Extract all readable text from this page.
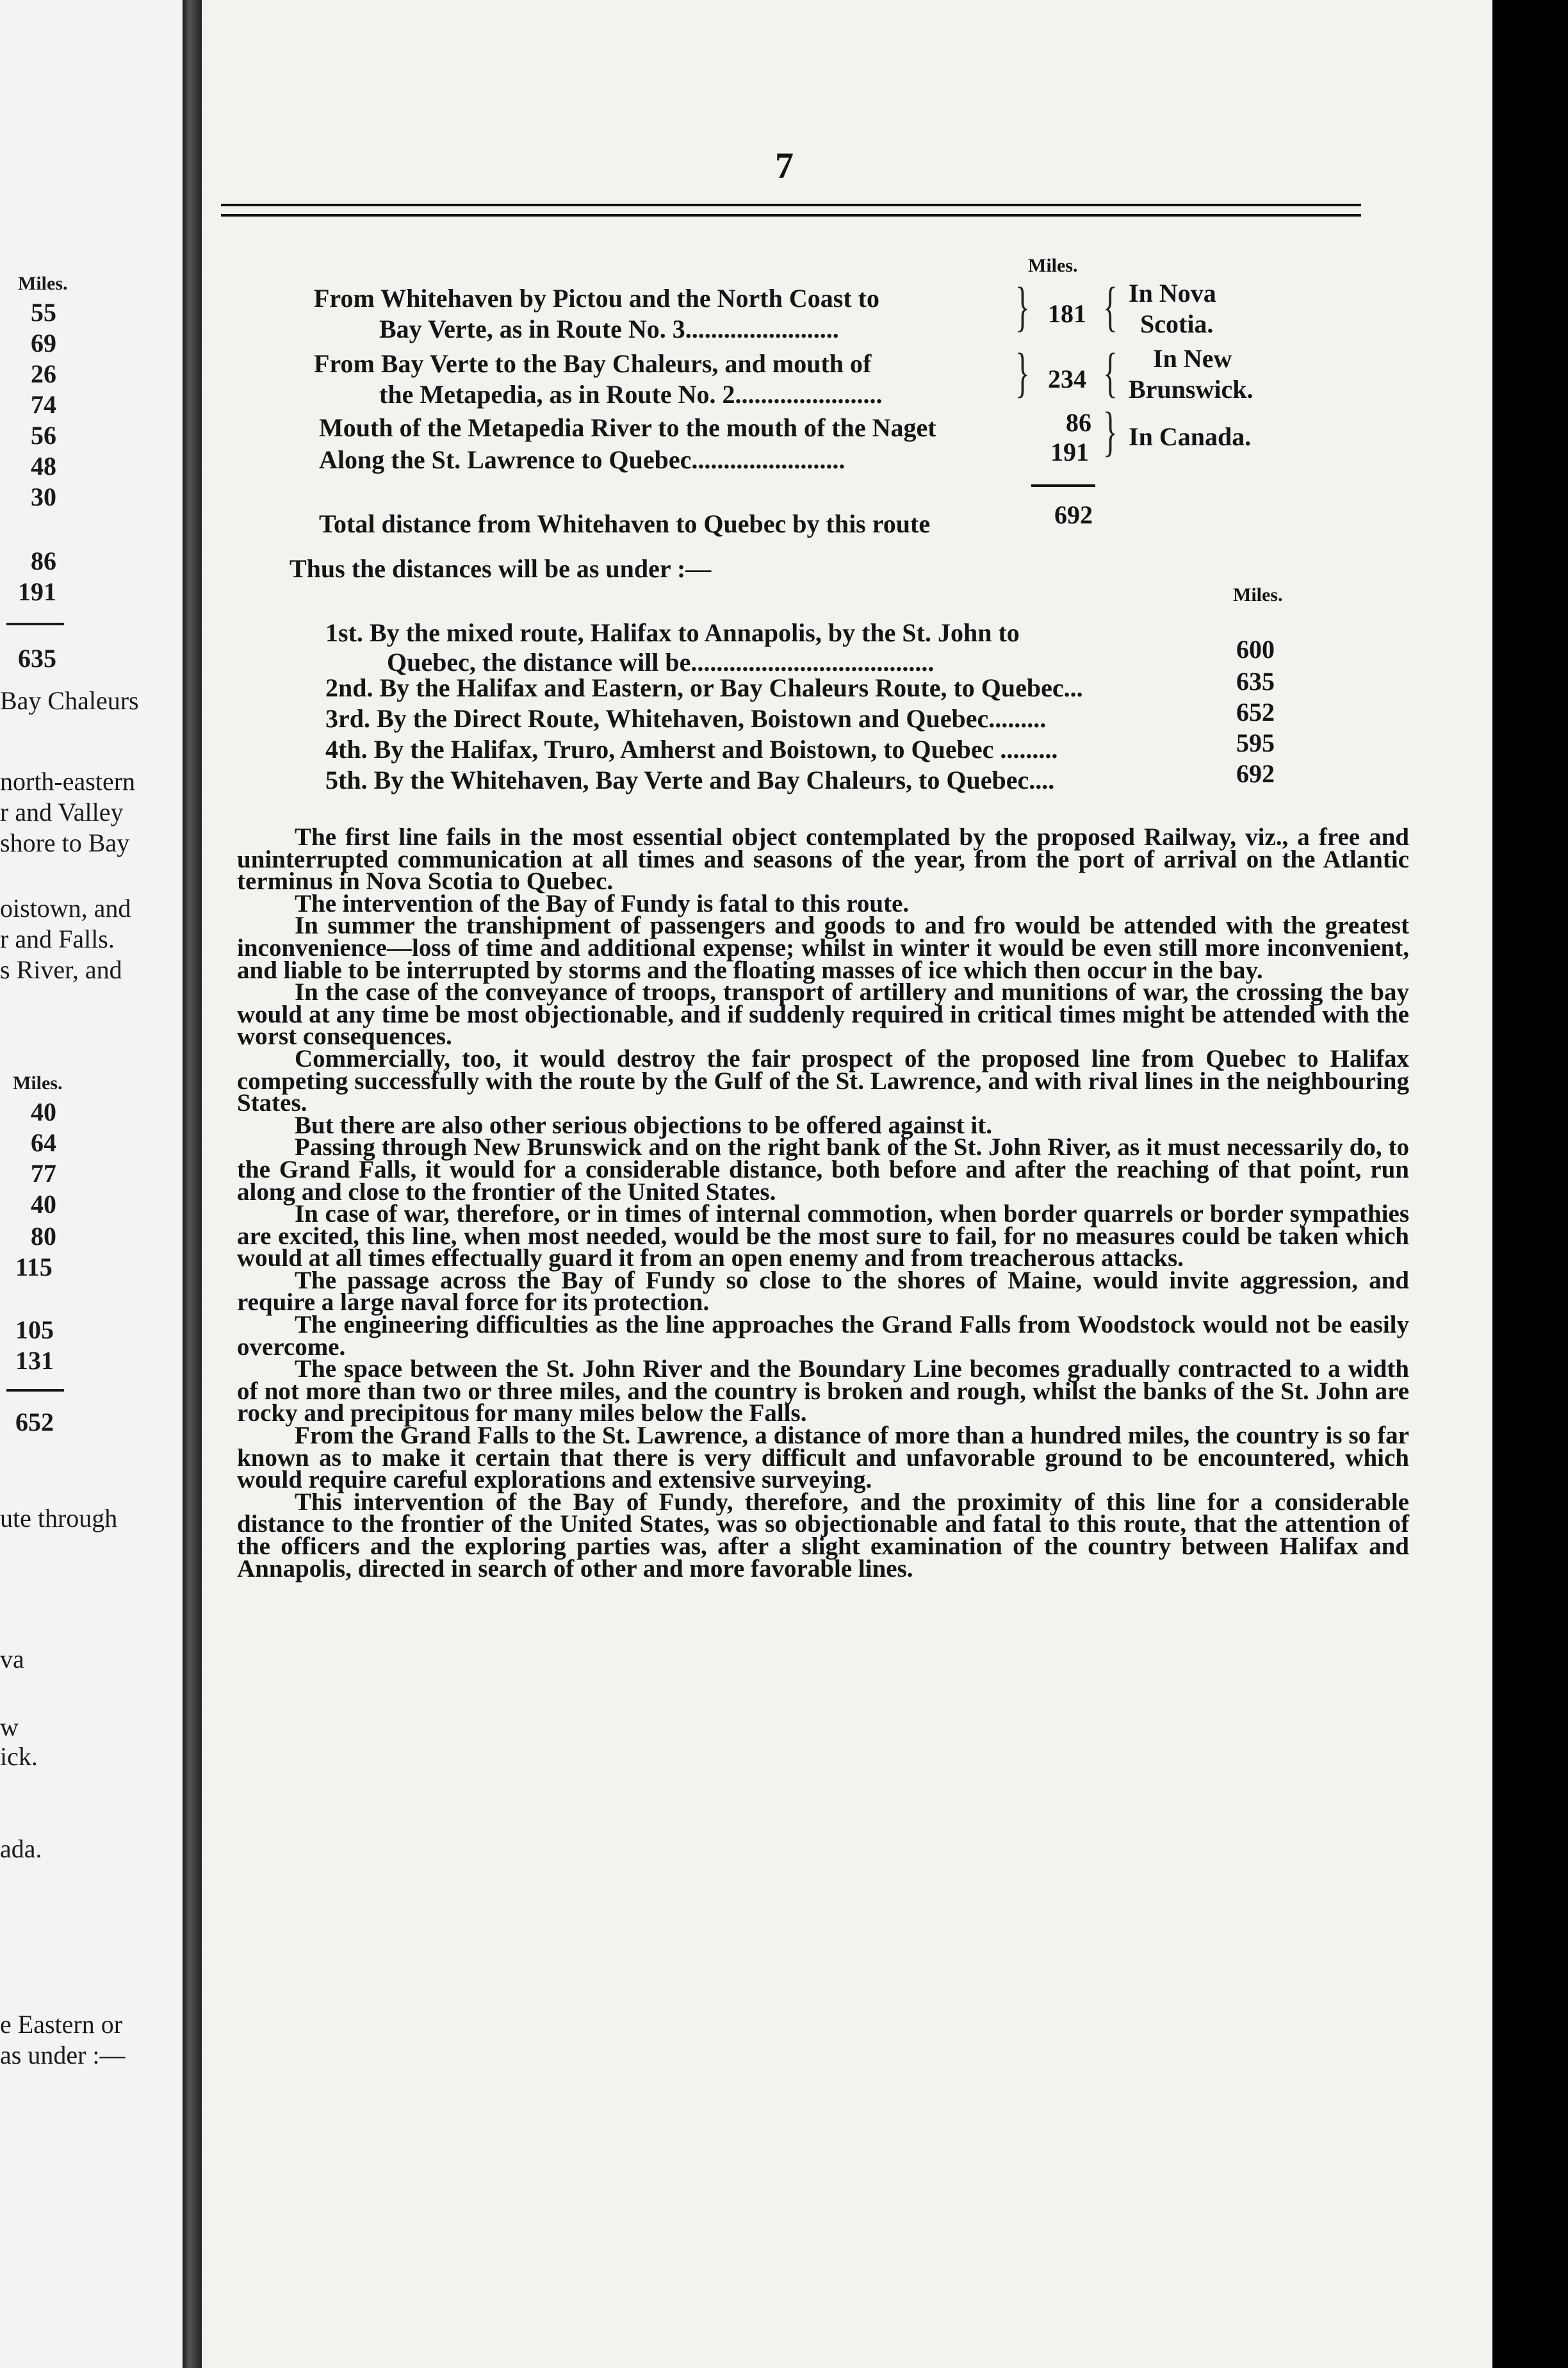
Miles.
55
69
26
74
56
48
30
86
191
635
Bay Chaleurs
north-eastern
r and Valley
shore to Bay
oistown, and
r and Falls.
s River, and
Miles.
40
64
77
40
80
115
105
131
652
ute through
va
w
ick.
ada.
e Eastern or
as under :—
7
Miles.
From Whitehaven by Pictou and the North Coast to
Bay Verte, as in Route No. 3........................	} 181 { In Nova
Scotia.
From Bay Verte to the Bay Chaleurs, and mouth of
the Metapedia, as in Route No. 2....................... } 234 { In New
Brunswick.
Mouth of the Metapedia River to the mouth of the Naget	86 } In Canada.
Along the St. Lawrence to Quebec........................	191
Total distance from Whitehaven to Quebec by this route	692
Thus the distances will be as under :—
Miles.
1st. By the mixed route, Halifax to Annapolis, by the St. John to
Quebec, the distance will be......................................	600
2nd. By the Halifax and Eastern, or Bay Chaleurs Route, to Quebec...	635
3rd. By the Direct Route, Whitehaven, Boistown and Quebec.........	652
4th. By the Halifax, Truro, Amherst and Boistown, to Quebec .........	595
5th. By the Whitehaven, Bay Verte and Bay Chaleurs, to Quebec....	692

The first line fails in the most essential object contemplated by the proposed Railway, viz., a free and uninterrupted communication at all times and seasons of the year, from the port of arrival on the Atlantic terminus in Nova Scotia to Quebec.

The intervention of the Bay of Fundy is fatal to this route.

In summer the transhipment of passengers and goods to and fro would be attended with the greatest inconvenience—loss of time and additional expense; whilst in winter it would be even still more inconvenient, and liable to be interrupted by storms and the floating masses of ice which then occur in the bay.

In the case of the conveyance of troops, transport of artillery and munitions of war, the crossing the bay would at any time be most objectionable, and if suddenly required in critical times might be attended with the worst consequences.

Commercially, too, it would destroy the fair prospect of the proposed line from Quebec to Halifax competing successfully with the route by the Gulf of the St. Lawrence, and with rival lines in the neighbouring States.

But there are also other serious objections to be offered against it.

Passing through New Brunswick and on the right bank of the St. John River, as it must necessarily do, to the Grand Falls, it would for a considerable distance, both before and after the reaching of that point, run along and close to the frontier of the United States.

In case of war, therefore, or in times of internal commotion, when border quarrels or border sympathies are excited, this line, when most needed, would be the most sure to fail, for no measures could be taken which would at all times effectually guard it from an open enemy and from treacherous attacks.

The passage across the Bay of Fundy so close to the shores of Maine, would invite aggression, and require a large naval force for its protection.

The engineering difficulties as the line approaches the Grand Falls from Woodstock would not be easily overcome.

The space between the St. John River and the Boundary Line becomes gradually contracted to a width of not more than two or three miles, and the country is broken and rough, whilst the banks of the St. John are rocky and precipitous for many miles below the Falls.

From the Grand Falls to the St. Lawrence, a distance of more than a hundred miles, the country is so far known as to make it certain that there is very difficult and unfavorable ground to be encountered, which would require careful explorations and extensive surveying.

This intervention of the Bay of Fundy, therefore, and the proximity of this line for a considerable distance to the frontier of the United States, was so objectionable and fatal to this route, that the attention of the officers and the exploring parties was, after a slight examination of the country between Halifax and Annapolis, directed in search of other and more favorable lines.
